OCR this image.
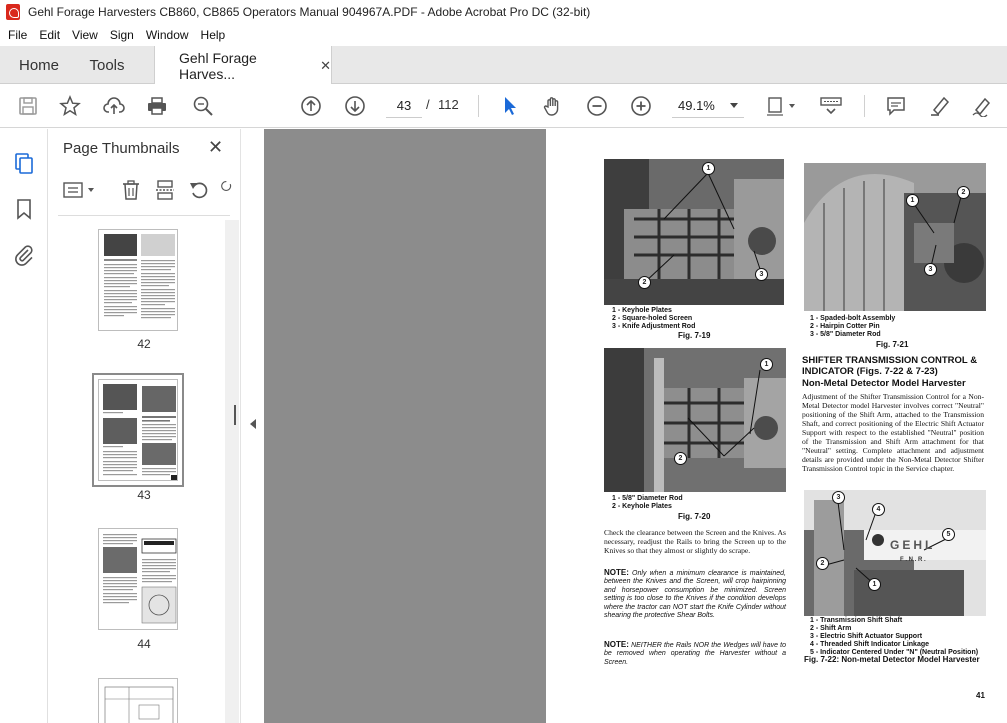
Gehl Forage Harvesters CB860, CB865 Operators Manual 904967A.PDF - Adobe Acrobat Pro DC (32-bit)
File	Edit	View	Sign	Window	Help
Home	Tools	Gehl Forage Harves...
✕
43
/ 112	49.1%
Page Thumbnails ✕
42
43
44
1
2
3
1 - Keyhole Plates
2 - Square-holed Screen
3 - Knife Adjustment Rod
Fig. 7-19
2
1
3
1 - Spaded-bolt Assembly
2 - Hairpin Cotter Pin
3 - 5/8" Diameter Rod
Fig. 7-21
1
2
1 - 5/8" Diameter Rod
2 - Keyhole Plates
Fig. 7-20
SHIFTER TRANSMISSION CONTROL & INDICATOR (Figs. 7-22 & 7-23)
Non-Metal Detector Model Harvester
Adjustment of the Shifter Transmission Control for a Non-Metal Detector model Harvester involves correct "Neutral" positioning of the Shift Arm, attached to the Transmission Shaft, and correct positioning of the Electric Shift Actuator Support with respect to the established "Neutral" position of the Transmission and Shift Arm attachment for that "Neutral" setting. Complete attachment and adjustment details are provided under the Non-Metal Detector Shifter Transmission Control topic in the Service chapter.
3
4
5
2
1
GEHL
F . N . R .
1 - Transmission Shift Shaft
2 - Shift Arm
3 - Electric Shift Actuator Support
4 - Threaded Shift Indicator Linkage
5 - Indicator Centered Under "N" (Neutral Position)
Fig. 7-22: Non-metal Detector Model Harvester
Check the clearance between the Screen and the Knives. As necessary, readjust the Rails to bring the Screen up to the Knives so that they almost or slightly do scrape.
NOTE: Only when a minimum clearance is maintained, between the Knives and the Screen, will crop hairpinning and horsepower consumption be minimized. Screen setting is too close to the Knives if the condition develops where the tractor can NOT start the Knife Cylinder without shearing the protective Shear Bolts.
NOTE: NEITHER the Rails NOR the Wedges will have to be removed when operating the Harvester without a Screen.
41
